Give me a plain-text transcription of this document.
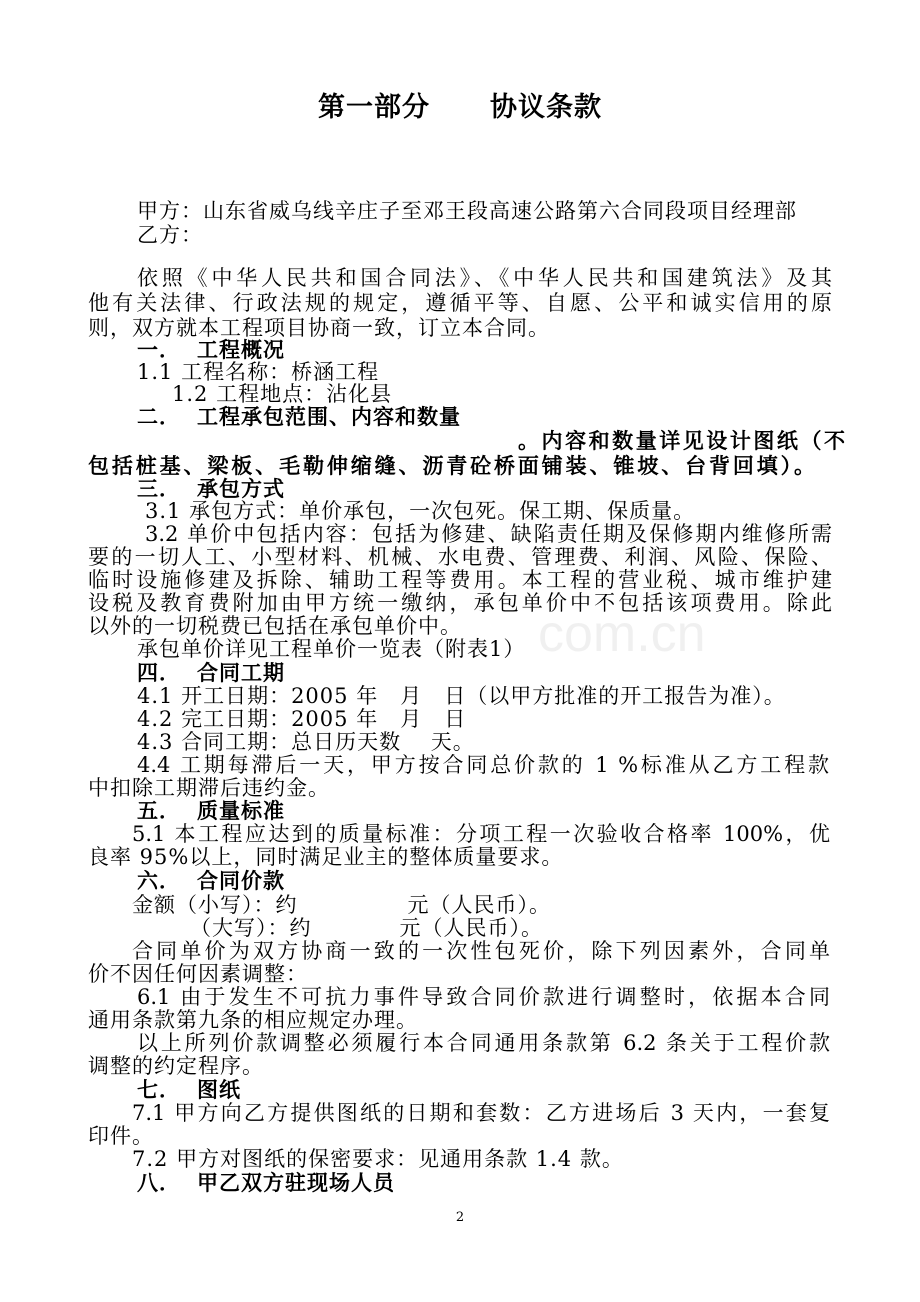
com.cn
第一部分 协议条款
甲方：山东省威乌线辛庄子至邓王段高速公路第六合同段项目经理部
乙方：
依照《中华人民共和国合同法》、《中华人民共和国建筑法》及其
他有关法律、行政法规的规定，遵循平等、自愿、公平和诚实信用的原
则，双方就本工程项目协商一致，订立本合同。
一． 工程概况
1.1 工程名称：桥涵工程
1.2 工程地点：沾化县
二． 工程承包范围、内容和数量
。内容和数量详见设计图纸（不
包括桩基、梁板、毛勒伸缩缝、沥青砼桥面铺装、锥坡、台背回填）。
三． 承包方式
3.1 承包方式：单价承包，一次包死。保工期、保质量。
3.2 单价中包括内容：包括为修建、缺陷责任期及保修期内维修所需
要的一切人工、小型材料、机械、水电费、管理费、利润、风险、保险、
临时设施修建及拆除、辅助工程等费用。本工程的营业税、城市维护建
设税及教育费附加由甲方统一缴纳，承包单价中不包括该项费用。除此
以外的一切税费已包括在承包单价中。
承包单价详见工程单价一览表（附表1）
四． 合同工期
4.1 开工日期：2005 年　月　日（以甲方批准的开工报告为准）。
4.2 完工日期：2005 年　月　日
4.3 合同工期：总日历天数　 天。
4.4 工期每滞后一天，甲方按合同总价款的 1 %标准从乙方工程款
中扣除工期滞后违约金。
五． 质量标准
5.1 本工程应达到的质量标准：分项工程一次验收合格率 100%，优
良率 95%以上，同时满足业主的整体质量要求。
六． 合同价款
金额（小写）：约　　　　　元（人民币）。
（大写）：约　　　　元（人民币）。
合同单价为双方协商一致的一次性包死价，除下列因素外，合同单
价不因任何因素调整：
6.1 由于发生不可抗力事件导致合同价款进行调整时，依据本合同
通用条款第九条的相应规定办理。
以上所列价款调整必须履行本合同通用条款第 6.2 条关于工程价款
调整的约定程序。
七． 图纸
7.1 甲方向乙方提供图纸的日期和套数：乙方进场后 3 天内，一套复
印件。
7.2 甲方对图纸的保密要求：见通用条款 1.4 款。
八． 甲乙双方驻现场人员
2
